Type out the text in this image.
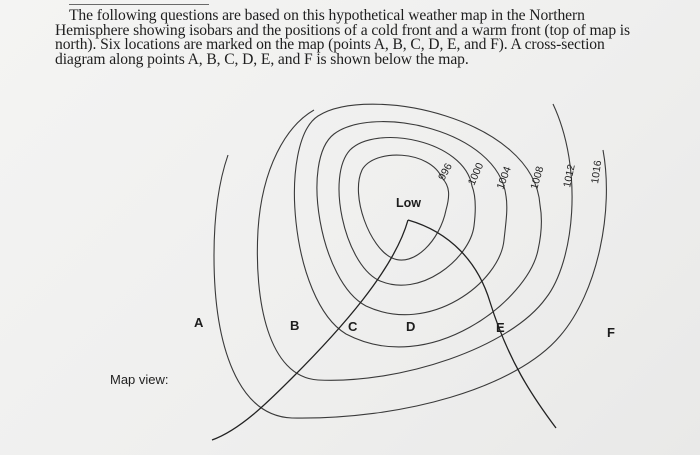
The following questions are based on this hypothetical weather map in the Northern Hemisphere showing isobars and the positions of a cold front and a warm front (top of map is north). Six locations are marked on the map (points A, B, C, D, E, and F). A cross-section diagram along points A, B, C, D, E, and F is shown below the map.

996 1000 1004 1008 1012 1016
Low
A	B	C	D	E	F
Map view:
